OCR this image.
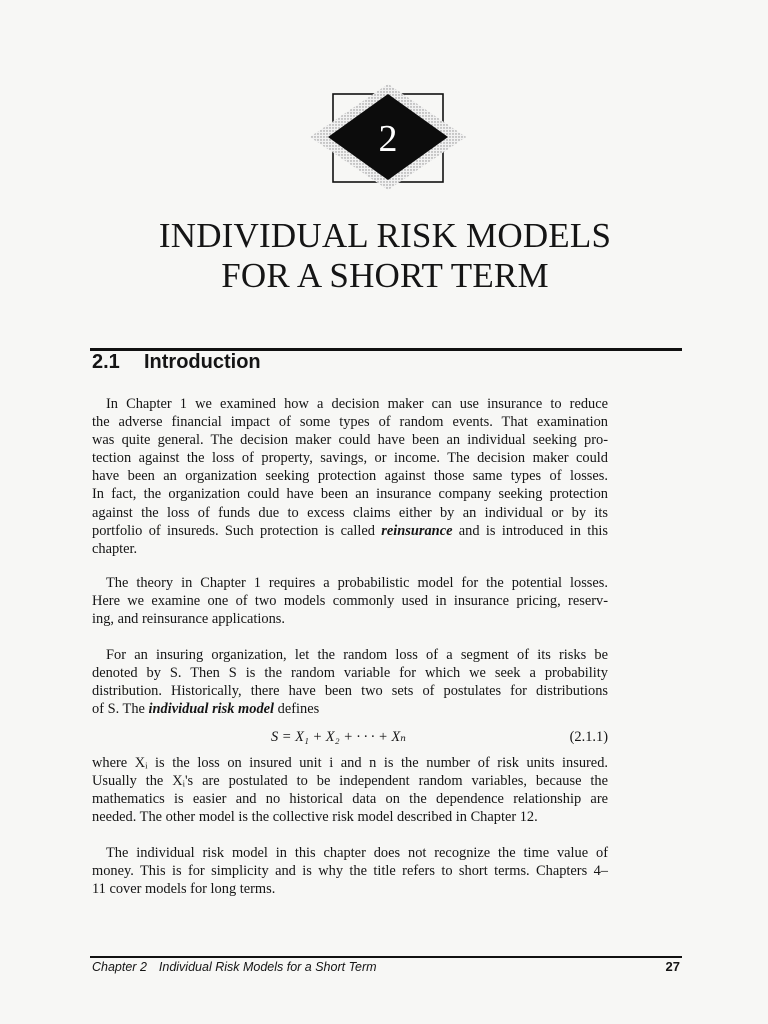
2
INDIVIDUAL RISK MODELS
FOR A SHORT TERM
2.1 Introduction
In Chapter 1 we examined how a decision maker can use insurance to reduce
the adverse financial impact of some types of random events. That examination
was quite general. The decision maker could have been an individual seeking pro-
tection against the loss of property, savings, or income. The decision maker could
have been an organization seeking protection against those same types of losses.
In fact, the organization could have been an insurance company seeking protection
against the loss of funds due to excess claims either by an individual or by its
portfolio of insureds. Such protection is called reinsurance and is introduced in this
chapter.
The theory in Chapter 1 requires a probabilistic model for the potential losses.
Here we examine one of two models commonly used in insurance pricing, reserv-
ing, and reinsurance applications.
For an insuring organization, let the random loss of a segment of its risks be
denoted by S. Then S is the random variable for which we seek a probability
distribution. Historically, there have been two sets of postulates for distributions
of S. The individual risk model defines
S = X₁ + X₂ + · · · + Xₙ	(2.1.1)
where Xᵢ is the loss on insured unit i and n is the number of risk units insured.
Usually the Xᵢ's are postulated to be independent random variables, because the
mathematics is easier and no historical data on the dependence relationship are
needed. The other model is the collective risk model described in Chapter 12.
The individual risk model in this chapter does not recognize the time value of
money. This is for simplicity and is why the title refers to short terms. Chapters 4–
11 cover models for long terms.
Chapter 2 Individual Risk Models for a Short Term	27
